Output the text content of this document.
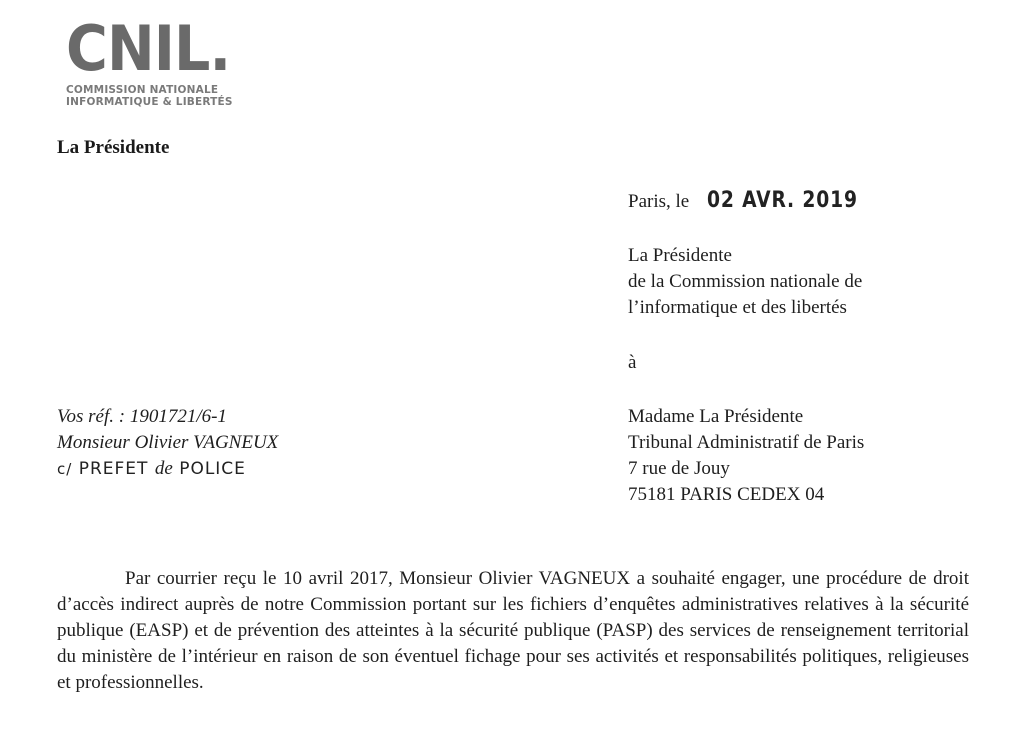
CNIL.
COMMISSION NATIONALE
INFORMATIQUE & LIBERTÉS
La Présidente
Paris, le 02 AVR. 2019
La Présidente
de la Commission nationale de
l’informatique et des libertés
à
Madame La Présidente
Tribunal Administratif de Paris
7 rue de Jouy
75181 PARIS CEDEX 04
Vos réf. : 1901721/6-1
Monsieur Olivier VAGNEUX
c/ PREFET de POLICE
Par courrier reçu le 10 avril 2017, Monsieur Olivier VAGNEUX a souhaité engager, une procédure de droit d’accès indirect auprès de notre Commission portant sur les fichiers d’enquêtes administratives relatives à la sécurité publique (EASP) et de prévention des atteintes à la sécurité publique (PASP) des services de renseignement territorial du ministère de l’intérieur en raison de son éventuel fichage pour ses activités et responsabilités politiques, religieuses et professionnelles.
